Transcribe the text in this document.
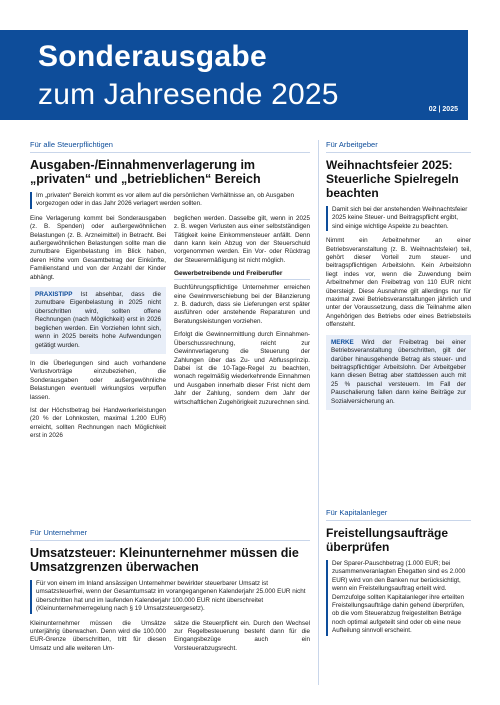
Sonderausgabe
zum Jahresende 2025	02 | 2025
Für alle Steuerpflichtigen
Ausgaben-/Einnahmenverlagerung im „privaten“ und „betrieblichen“ Bereich
Im „privaten“ Bereich kommt es vor allem auf die persönlichen Verhältnisse an, ob Ausgaben vorgezogen oder in das Jahr 2026 verlagert werden sollten.
Eine Verlagerung kommt bei Sonderausgaben (z. B. Spenden) oder außergewöhnlichen Belastungen (z. B. Arzneimittel) in Betracht. Bei außergewöhnlichen Belastungen sollte man die zumutbare Eigenbelastung im Blick haben, deren Höhe vom Gesamtbetrag der Einkünfte, Familienstand und von der Anzahl der Kinder abhängt.
PRAXISTIPP Ist absehbar, dass die zumutbare Eigenbelastung in 2025 nicht überschritten wird, sollten offene Rechnungen (nach Möglichkeit) erst in 2026 beglichen werden. Ein Vorziehen lohnt sich, wenn in 2025 bereits hohe Aufwendungen getätigt wurden.
In die Überlegungen sind auch vorhandene Verlustvorträge einzubeziehen, die Sonderausgaben oder außergewöhnliche Belastungen eventuell wirkungslos verpuffen lassen.
Ist der Höchstbetrag bei Handwerkerleistungen (20 % der Lohnkosten, maximal 1.200 EUR) erreicht, sollten Rechnungen nach Möglichkeit erst in 2026
beglichen werden. Dasselbe gilt, wenn in 2025 z. B. wegen Verlusten aus einer selbstständigen Tätigkeit keine Einkommensteuer anfällt. Denn dann kann kein Abzug von der Steuerschuld vorgenommen werden. Ein Vor- oder Rücktrag der Steuerermäßigung ist nicht möglich.
Gewerbetreibende und Freiberufler
Buchführungspflichtige Unternehmer erreichen eine Gewinnverschiebung bei der Bilanzierung z. B. dadurch, dass sie Lieferungen erst später ausführen oder anstehende Reparaturen und Beratungsleistungen vorziehen.
Erfolgt die Gewinnermittlung durch Einnahmen-Überschussrechnung, reicht zur Gewinnverlagerung die Steuerung der Zahlungen über das Zu- und Abflussprinzip. Dabei ist die 10-Tage-Regel zu beachten, wonach regelmäßig wiederkehrende Einnahmen und Ausgaben innerhalb dieser Frist nicht dem Jahr der Zahlung, sondern dem Jahr der wirtschaftlichen Zugehörigkeit zuzurechnen sind.
Für Unternehmer
Umsatzsteuer: Kleinunternehmer müssen die Umsatzgrenzen überwachen
Für von einem im Inland ansässigen Unternehmer bewirkter steuerbarer Umsatz ist umsatzsteuerfrei, wenn der Gesamtumsatz im vorangegangenen Kalenderjahr 25.000 EUR nicht überschritten hat und im laufenden Kalenderjahr 100.000 EUR nicht überschreitet (Kleinunternehmerregelung nach § 19 Umsatzsteuergesetz).
Kleinunternehmer müssen die Umsätze unterjährig überwachen. Denn wird die 100.000 EUR-Grenze überschritten, tritt für diesen Umsatz und alle weiteren Um-
sätze die Steuerpflicht ein. Durch den Wechsel zur Regelbesteuerung besteht dann für die Eingangsbezüge auch ein Vorsteuerabzugsrecht.
Für Arbeitgeber
Weihnachtsfeier 2025: Steuerliche Spielregeln beachten
Damit sich bei der anstehenden Weihnachtsfeier 2025 keine Steuer- und Beitragspflicht ergibt, sind einige wichtige Aspekte zu beachten.
Nimmt ein Arbeitnehmer an einer Betriebsveranstaltung (z. B. Weihnachtsfeier) teil, gehört dieser Vorteil zum steuer- und beitragspflichtigen Arbeitslohn. Kein Arbeitslohn liegt indes vor, wenn die Zuwendung beim Arbeitnehmer den Freibetrag von 110 EUR nicht übersteigt. Diese Ausnahme gilt allerdings nur für maximal zwei Betriebsveranstaltungen jährlich und unter der Voraussetzung, dass die Teilnahme allen Angehörigen des Betriebs oder eines Betriebsteils offensteht.
MERKE Wird der Freibetrag bei einer Betriebsveranstaltung überschritten, gilt der darüber hinausgehende Betrag als steuer- und beitragspflichtiger Arbeitslohn. Der Arbeitgeber kann diesen Betrag aber stattdessen auch mit 25 % pauschal versteuern. Im Fall der Pauschalierung fallen dann keine Beiträge zur Sozialversicherung an.
Für Kapitalanleger
Freistellungsaufträge überprüfen
Der Sparer-Pauschbetrag (1.000 EUR; bei zusammenveranlagten Ehegatten sind es 2.000 EUR) wird von den Banken nur berücksichtigt, wenn ein Freistellungsauftrag erteilt wird. Demzufolge sollten Kapitalanleger ihre erteilten Freistellungsaufträge dahin gehend überprüfen, ob die vom Steuerabzug freigestellten Beträge noch optimal aufgeteilt sind oder ob eine neue Aufteilung sinnvoll erscheint.
